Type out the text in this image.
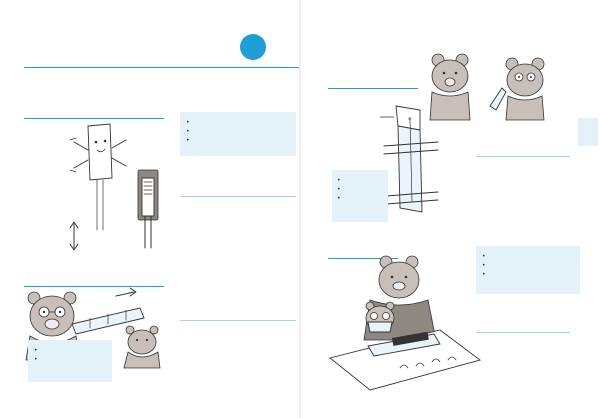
•
•
•
•
•
*
•
•
•
•
•
•
